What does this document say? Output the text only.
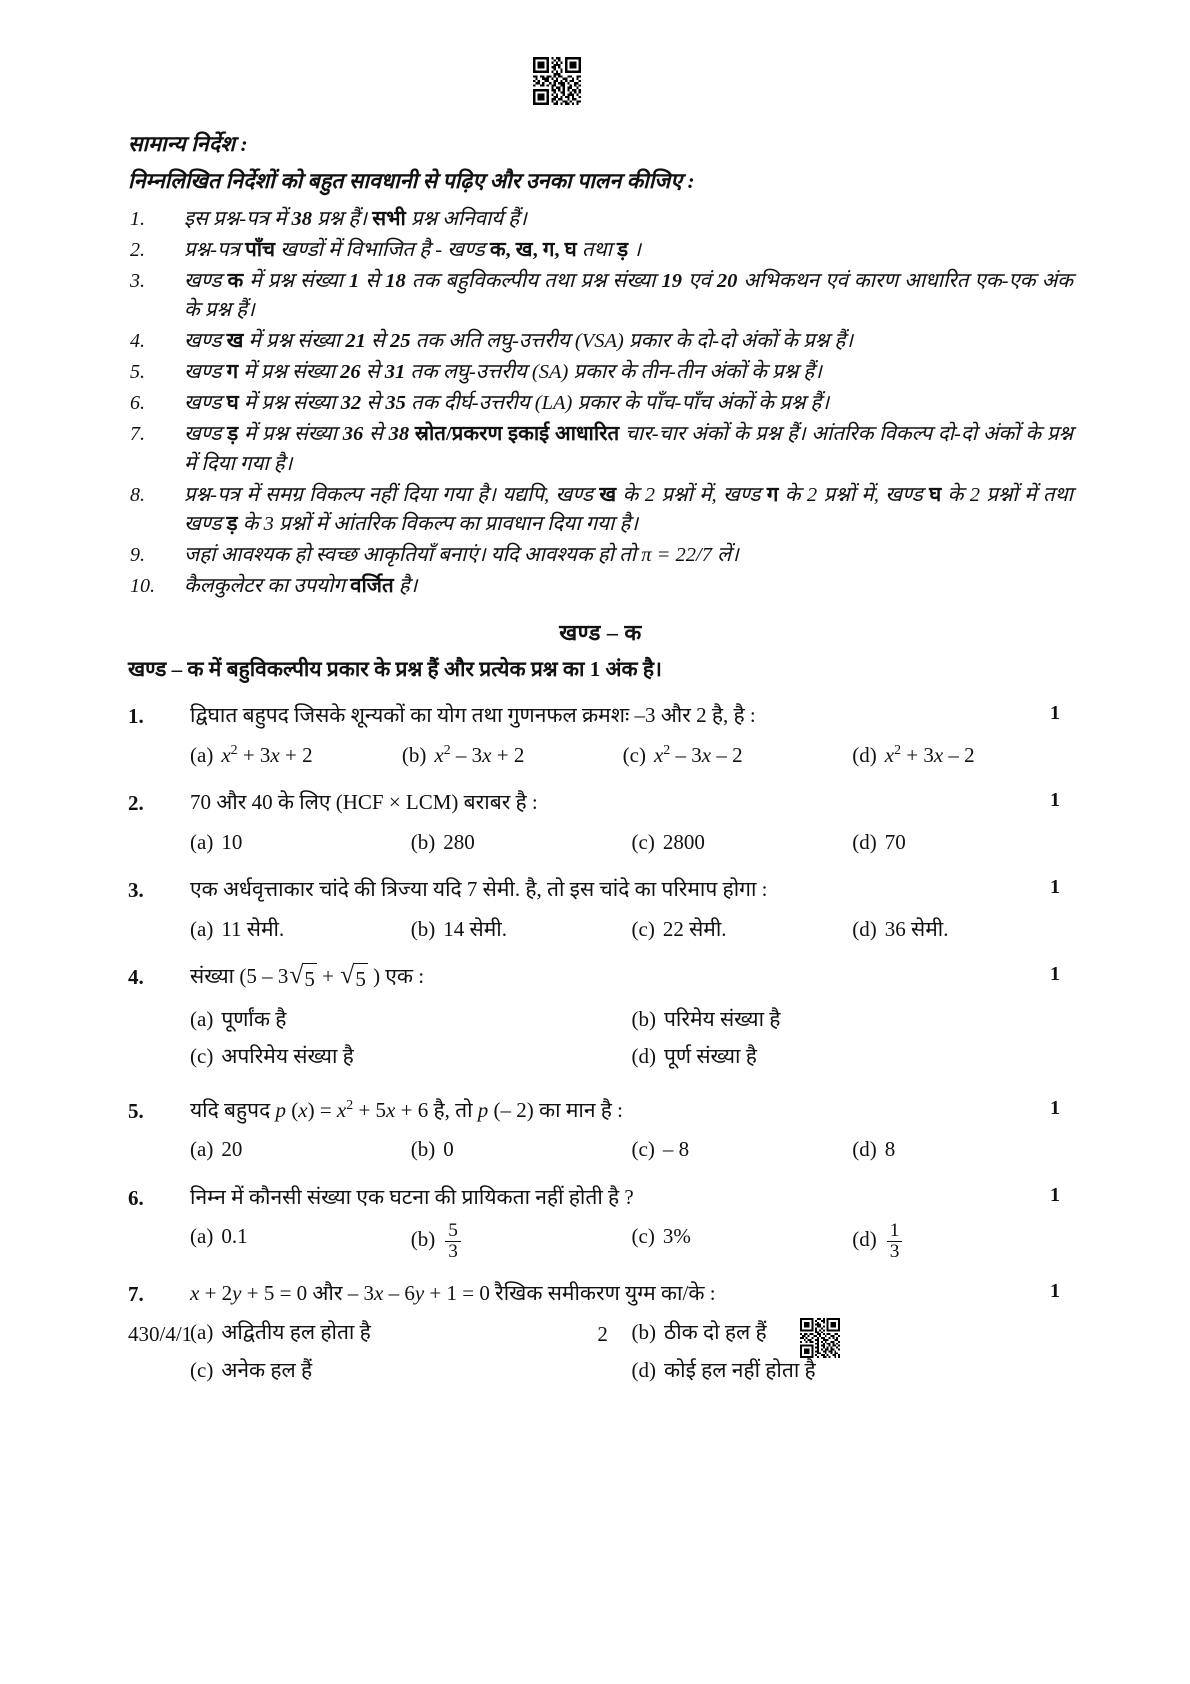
सामान्य निर्देश :
निम्नलिखित निर्देशों को बहुत सावधानी से पढ़िए और उनका पालन कीजिए :
1.	इस प्रश्न-पत्र में 38 प्रश्न हैं। सभी प्रश्न अनिवार्य हैं।
2.	प्रश्न-पत्र पाँच खण्डों में विभाजित है - खण्ड क, ख, ग, घ तथा ड़ ।
3.	खण्ड क में प्रश्न संख्या 1 से 18 तक बहुविकल्पीय तथा प्रश्न संख्या 19 एवं 20 अभिकथन एवं कारण आधारित एक-एक अंक के प्रश्न हैं।
4.	खण्ड ख में प्रश्न संख्या 21 से 25 तक अति लघु-उत्तरीय (VSA) प्रकार के दो-दो अंकों के प्रश्न हैं।
5.	खण्ड ग में प्रश्न संख्या 26 से 31 तक लघु-उत्तरीय (SA) प्रकार के तीन-तीन अंकों के प्रश्न हैं।
6.	खण्ड घ में प्रश्न संख्या 32 से 35 तक दीर्घ-उत्तरीय (LA) प्रकार के पाँच-पाँच अंकों के प्रश्न हैं।
7.	खण्ड ड़ में प्रश्न संख्या 36 से 38 स्रोत/प्रकरण इकाई आधारित चार-चार अंकों के प्रश्न हैं। आंतरिक विकल्प दो-दो अंकों के प्रश्न में दिया गया है।
8.	प्रश्न-पत्र में समग्र विकल्प नहीं दिया गया है। यद्यपि, खण्ड ख के 2 प्रश्नों में, खण्ड ग के 2 प्रश्नों में, खण्ड घ के 2 प्रश्नों में तथा खण्ड ड़ के 3 प्रश्नों में आंतरिक विकल्प का प्रावधान दिया गया है।
9.	जहां आवश्यक हो स्वच्छ आकृतियाँ बनाएं। यदि आवश्यक हो तो π = 22/7 लें।
10.	कैलकुलेटर का उपयोग वर्जित है।
खण्ड – क
खण्ड – क में बहुविकल्पीय प्रकार के प्रश्न हैं और प्रत्येक प्रश्न का 1 अंक है।
1.	द्विघात बहुपद जिसके शून्यकों का योग तथा गुणनफल क्रमशः –3 और 2 है, है :
(a) $x^2 + 3x + 2$	(b) $x^2 - 3x + 2$	(c) $x^2 - 3x - 2$	(d) $x^2 + 3x - 2$
1
2.	70 और 40 के लिए (HCF × LCM) बराबर है :
(a) 10	(b) 280	(c) 2800	(d) 70
1
3.	एक अर्धवृत्ताकार चांदे की त्रिज्या यदि 7 सेमी. है, तो इस चांदे का परिमाप होगा :
(a) 11 सेमी.	(b) 14 सेमी.	(c) 22 सेमी.	(d) 36 सेमी.
1
4.	संख्या (5 – 3 √ 5 + √ 5 ) एक :
(a) पूर्णांक है	(b) परिमेय संख्या है
(c) अपरिमेय संख्या है	(d) पूर्ण संख्या है
1
5.	यदि बहुपद p $(x) = x^2 + 5x + 6$ है, तो p (– 2) का मान है :
(a) 20	(b) 0	(c) – 8	(d) 8
1
6.	निम्न में कौनसी संख्या एक घटना की प्रायिकता नहीं होती है ?
(a) 0.1	$(b) \frac{5}{3}$	(c) 3%	$(d) \frac{1}{3}$
1
7.	x + 2y + 5 = 0 और – 3x – 6y + 1 = 0 रैखिक समीकरण युग्म का/के :
(a) अद्वितीय हल होता है	(b) ठीक दो हल हैं
(c) अनेक हल हैं	(d) कोई हल नहीं होता है
1
430/4/1	2
